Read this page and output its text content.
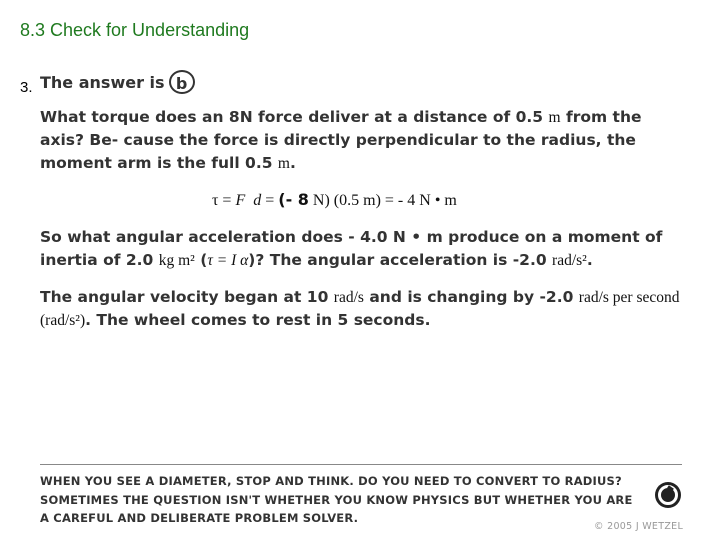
8.3 Check for Understanding
3. The answer is b
What torque does an 8N force deliver at a distance of 0.5 m from the axis? Be- cause the force is directly perpendicular to the radius, the moment arm is the full 0.5 m.
τ = F d = (- 8 N) (0.5 m) = - 4 N • m
So what angular acceleration does - 4.0 N • m produce on a moment of inertia of 2.0 kg m² (τ = I α)? The angular acceleration is -2.0 rad/s².
The angular velocity began at 10 rad/s and is changing by -2.0 rad/s per second (rad/s²). The wheel comes to rest in 5 seconds.
WHEN YOU SEE A DIAMETER, STOP AND THINK. DO YOU NEED TO CONVERT TO RADIUS? SOMETIMES THE QUESTION ISN'T WHETHER YOU KNOW PHYSICS BUT WHETHER YOU ARE A CAREFUL AND DELIBERATE PROBLEM SOLVER.
© 2005 J WETZEL
